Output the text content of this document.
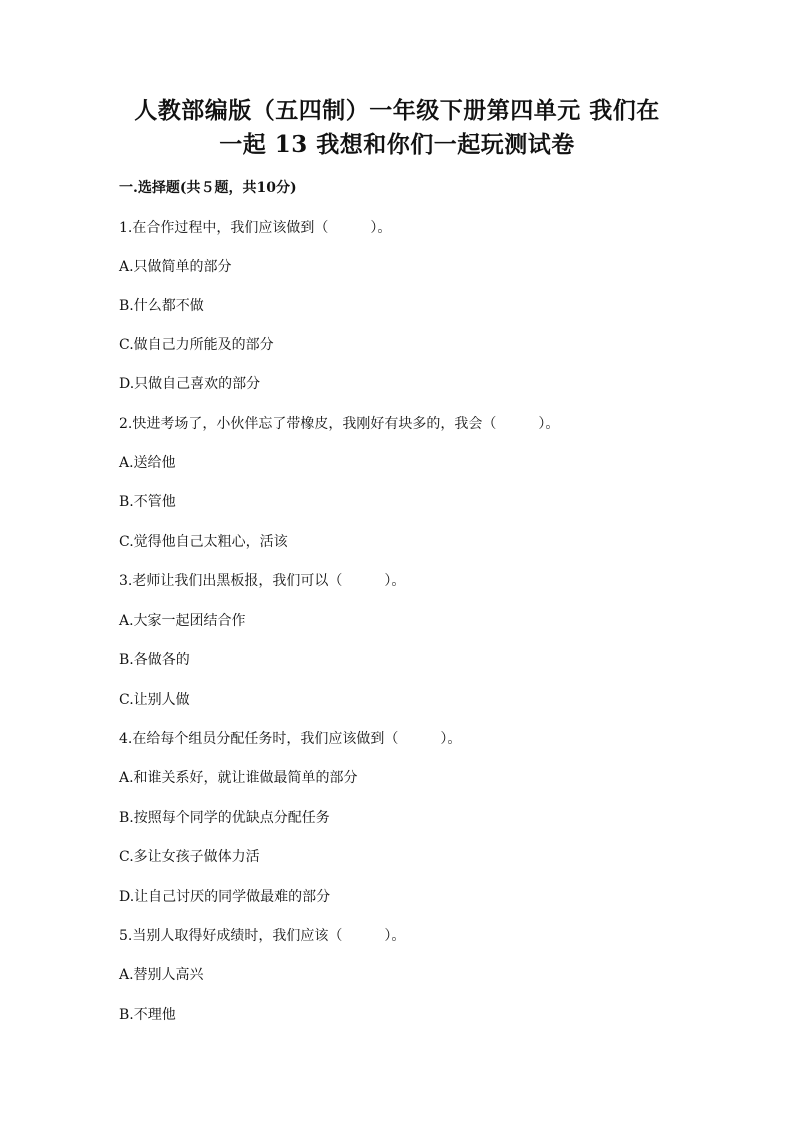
人教部编版（五四制）一年级下册第四单元 我们在
一起 13 我想和你们一起玩测试卷
一.选择题(共５题，共10分)
1.在合作过程中，我们应该做到（　　　）。
A.只做简单的部分
B.什么都不做
C.做自己力所能及的部分
D.只做自己喜欢的部分
2.快进考场了，小伙伴忘了带橡皮，我刚好有块多的，我会（　　　）。
A.送给他
B.不管他
C.觉得他自己太粗心，活该
3.老师让我们出黑板报，我们可以（　　　）。
A.大家一起团结合作
B.各做各的
C.让别人做
4.在给每个组员分配任务时，我们应该做到（　　　）。
A.和谁关系好，就让谁做最简单的部分
B.按照每个同学的优缺点分配任务
C.多让女孩子做体力活
D.让自己讨厌的同学做最难的部分
5.当别人取得好成绩时，我们应该（　　　）。
A.替别人高兴
B.不理他
